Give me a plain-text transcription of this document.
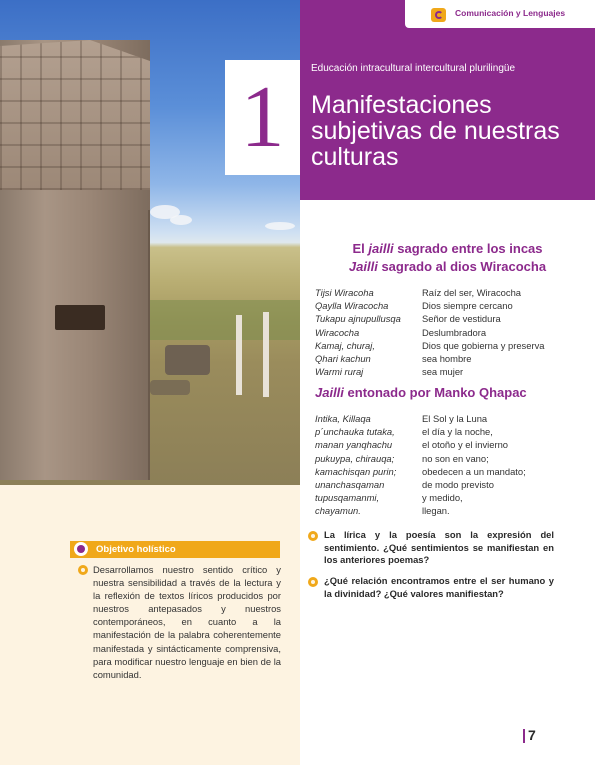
Comunicación y Lenguajes
1	Educación intracultural intercultural plurilingüe
Manifestaciones subjetivas de nuestras culturas
El jailli sagrado entre los incas
Jailli sagrado al dios Wiracocha
Tijsi Wiracoha
Qaylla Wiracocha
Tukapu ajnupullusqa
Wiracocha
Kamaj, churaj,
Qhari kachun
Warmi ruraj
Raíz del ser, Wiracocha
Dios siempre cercano
Señor de vestidura
Deslumbradora
Dios que gobierna y preserva
sea hombre
sea mujer
Jailli entonado por Manko Qhapac
Intika, Killaqa
p´unchauka tutaka,
manan yanqhachu
pukuypa, chirauqa;
kamachisqan purin;
unanchasqaman
tupusqamanmi,
chayamun.
El Sol y la Luna
el día y la noche,
el otoño y el invierno
no son en vano;
obedecen a un mandato;
de modo previsto
y medido,
llegan.
Objetivo holístico
Desarrollamos nuestro sentido crítico y nuestra sensibilidad a través de la lectura y la reflexión de textos líricos producidos por nuestros antepasados y nuestros contemporáneos, en cuanto a la manifestación de la palabra coherentemente manifestada y sintácticamente comprensiva, para modificar nuestro lenguaje en bien de la comunidad.
La lírica y la poesía son la expresión del sentimiento. ¿Qué sentimientos se manifiestan en los anteriores poemas?
¿Qué relación encontramos entre el ser humano y la divinidad? ¿Qué valores manifiestan?
7
